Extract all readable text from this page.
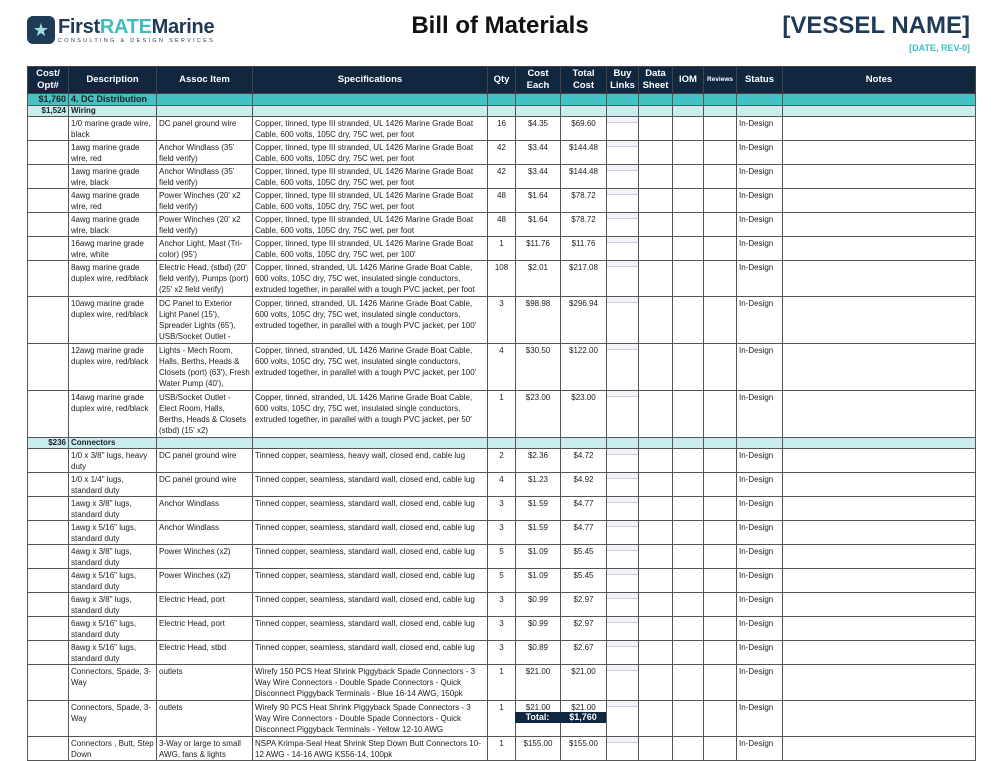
★ FirstRATEMarine
CONSULTING & DESIGN SERVICES
Bill of Materials	[VESSEL NAME]
[DATE, REV-0]
Cost/ Opt#	Description	Assoc Item	Specifications	Qty	Cost Each	Total Cost	Buy Links	Data Sheet	IOM	Reviews	Status	Notes
$1,760	4. DC Distribution											
$1,524	Wiring											

	1/0 marine grade wire, black	DC panel ground wire	Copper, tinned, type III stranded, UL 1426 Marine Grade Boat Cable, 600 volts, 105C dry, 75C wet, per foot	16	$4.35	$69.60					In-Design	

	1awg marine grade wire, red	Anchor Windlass (35' field verify)	Copper, tinned, type III stranded, UL 1426 Marine Grade Boat Cable, 600 volts, 105C dry, 75C wet, per foot	42	$3.44	$144.48					In-Design	

	1awg marine grade wire, black	Anchor Windlass (35' field verify)	Copper, tinned, type III stranded, UL 1426 Marine Grade Boat Cable, 600 volts, 105C dry, 75C wet, per foot	42	$3.44	$144.48					In-Design	

	4awg marine grade wire, red	Power Winches (20' x2 field verify)	Copper, tinned, type III stranded, UL 1426 Marine Grade Boat Cable, 600 volts, 105C dry, 75C wet, per foot	48	$1.64	$78.72					In-Design	

	4awg marine grade wire, black	Power Winches (20' x2 field verify)	Copper, tinned, type III stranded, UL 1426 Marine Grade Boat Cable, 600 volts, 105C dry, 75C wet, per foot	48	$1.64	$78.72					In-Design	

	16awg marine grade wire, white	Anchor Light, Mast (Tri-color) (95')	Copper, tinned, type III stranded, UL 1426 Marine Grade Boat Cable, 600 volts, 105C dry, 75C wet, per 100'	1	$11.76	$11.76					In-Design	

	8awg marine grade duplex wire, red/black	Electric Head, (stbd) (20' field verify), Pumps (port) (25' x2 field verify)	Copper, tinned, stranded, UL 1426 Marine Grade Boat Cable, 600 volts, 105C dry, 75C wet, insulated single conductors, extruded together, in parallel with a tough PVC jacket, per foot	108	$2.01	$217.08					In-Design	

	10awg marine grade duplex wire, red/black	DC Panel to Exterior Light Panel (15'), Spreader Lights (65'), USB/Socket Outlet -	Copper, tinned, stranded, UL 1426 Marine Grade Boat Cable, 600 volts, 105C dry, 75C wet, insulated single conductors, extruded together, in parallel with a tough PVC jacket, per 100'	3	$98.98	$296.94					In-Design	

	12awg marine grade duplex wire, red/black	Lights - Mech Room, Halls, Berths, Heads & Closets (port) (63'), Fresh Water Pump (40'),	Copper, tinned, stranded, UL 1426 Marine Grade Boat Cable, 600 volts, 105C dry, 75C wet, insulated single conductors, extruded together, in parallel with a tough PVC jacket, per 100'	4	$30.50	$122.00					In-Design	

	14awg marine grade duplex wire, red/black	USB/Socket Outlet - Elect Room, Halls, Berths, Heads & Closets (stbd) (15' x2)	Copper, tinned, stranded, UL 1426 Marine Grade Boat Cable, 600 volts, 105C dry, 75C wet, insulated single conductors, extruded together, in parallel with a tough PVC jacket, per 50'	1	$23.00	$23.00					In-Design	
$236	Connectors											

	1/0 x 3/8" lugs, heavy duty	DC panel ground wire	Tinned copper, seamless, heavy wall, closed end, cable lug	2	$2.36	$4.72					In-Design	

	1/0 x 1/4" lugs, standard duty	DC panel ground wire	Tinned copper, seamless, standard wall, closed end, cable lug	4	$1.23	$4.92					In-Design	

	1awg x 3/8" lugs, standard duty	Anchor Windlass	Tinned copper, seamless, standard wall, closed end, cable lug	3	$1.59	$4.77					In-Design	

	1awg x 5/16" lugs, standard duty	Anchor Windlass	Tinned copper, seamless, standard wall, closed end, cable lug	3	$1.59	$4.77					In-Design	

	4awg x 3/8" lugs, standard duty	Power Winches (x2)	Tinned copper, seamless, standard wall, closed end, cable lug	5	$1.09	$5.45					In-Design	

	4awg x 5/16" lugs, standard duty	Power Winches (x2)	Tinned copper, seamless, standard wall, closed end, cable lug	5	$1.09	$5.45					In-Design	

	6awg x 3/8" lugs, standard duty	Electric Head, port	Tinned copper, seamless, standard wall, closed end, cable lug	3	$0.99	$2.97					In-Design	

	6awg x 5/16" lugs, standard duty	Electric Head, port	Tinned copper, seamless, standard wall, closed end, cable lug	3	$0.99	$2.97					In-Design	

	8awg x 5/16" lugs, standard duty	Electric Head, stbd	Tinned copper, seamless, standard wall, closed end, cable lug	3	$0.89	$2.67					In-Design	

	Connectors, Spade, 3-Way	outlets	Wirefy 150 PCS Heat Shrink Piggyback Spade Connectors - 3 Way Wire Connectors - Double Spade Connectors - Quick Disconnect Piggyback Terminals - Blue 16-14 AWG, 150pk	1	$21.00	$21.00					In-Design	

	Connectors, Spade, 3-Way	outlets	Wirefy 90 PCS Heat Shrink Piggyback Spade Connectors - 3 Way Wire Connectors - Double Spade Connectors - Quick Disconnect Piggyback Terminals - Yellow 12-10 AWG	1	$21.00	$21.00					In-Design	

	Connectors , Butt, Step Down	3-Way or large to small AWG, fans & lights	NSPA Krimpa-Seal Heat Shrink Step Down Butt Connectors 10-12 AWG - 14-16 AWG KS56-14, 100pk	1	$155.00	$155.00					In-Design	
Total:	$1,760
